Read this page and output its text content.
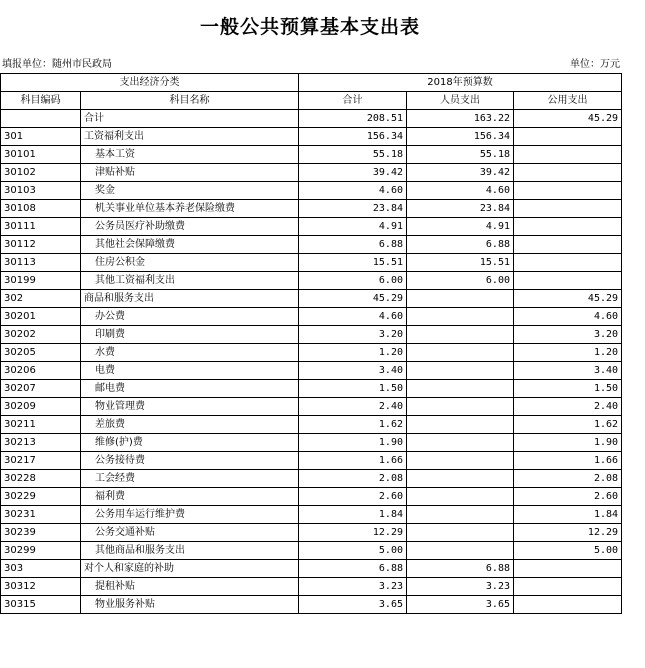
一般公共预算基本支出表
填报单位：随州市民政局	单位：万元
支出经济分类		2018年预算数		
科目编码	科目名称	合计	人员支出	公用支出
	合计	208.51	163.22	45.29
301	工资福利支出	156.34	156.34	
30101	基本工资	55.18	55.18	
30102	津贴补贴	39.42	39.42	
30103	奖金	4.60	4.60	
30108	机关事业单位基本养老保险缴费	23.84	23.84	
30111	公务员医疗补助缴费	4.91	4.91	
30112	其他社会保障缴费	6.88	6.88	
30113	住房公积金	15.51	15.51	
30199	其他工资福利支出	6.00	6.00	
302	商品和服务支出	45.29		45.29
30201	办公费	4.60		4.60
30202	印刷费	3.20		3.20
30205	水费	1.20		1.20
30206	电费	3.40		3.40
30207	邮电费	1.50		1.50
30209	物业管理费	2.40		2.40
30211	差旅费	1.62		1.62
30213	维修(护)费	1.90		1.90
30217	公务接待费	1.66		1.66
30228	工会经费	2.08		2.08
30229	福利费	2.60		2.60
30231	公务用车运行维护费	1.84		1.84
30239	公务交通补贴	12.29		12.29
30299	其他商品和服务支出	5.00		5.00
303	对个人和家庭的补助	6.88	6.88	
30312	提租补贴	3.23	3.23	
30315	物业服务补贴	3.65	3.65	
